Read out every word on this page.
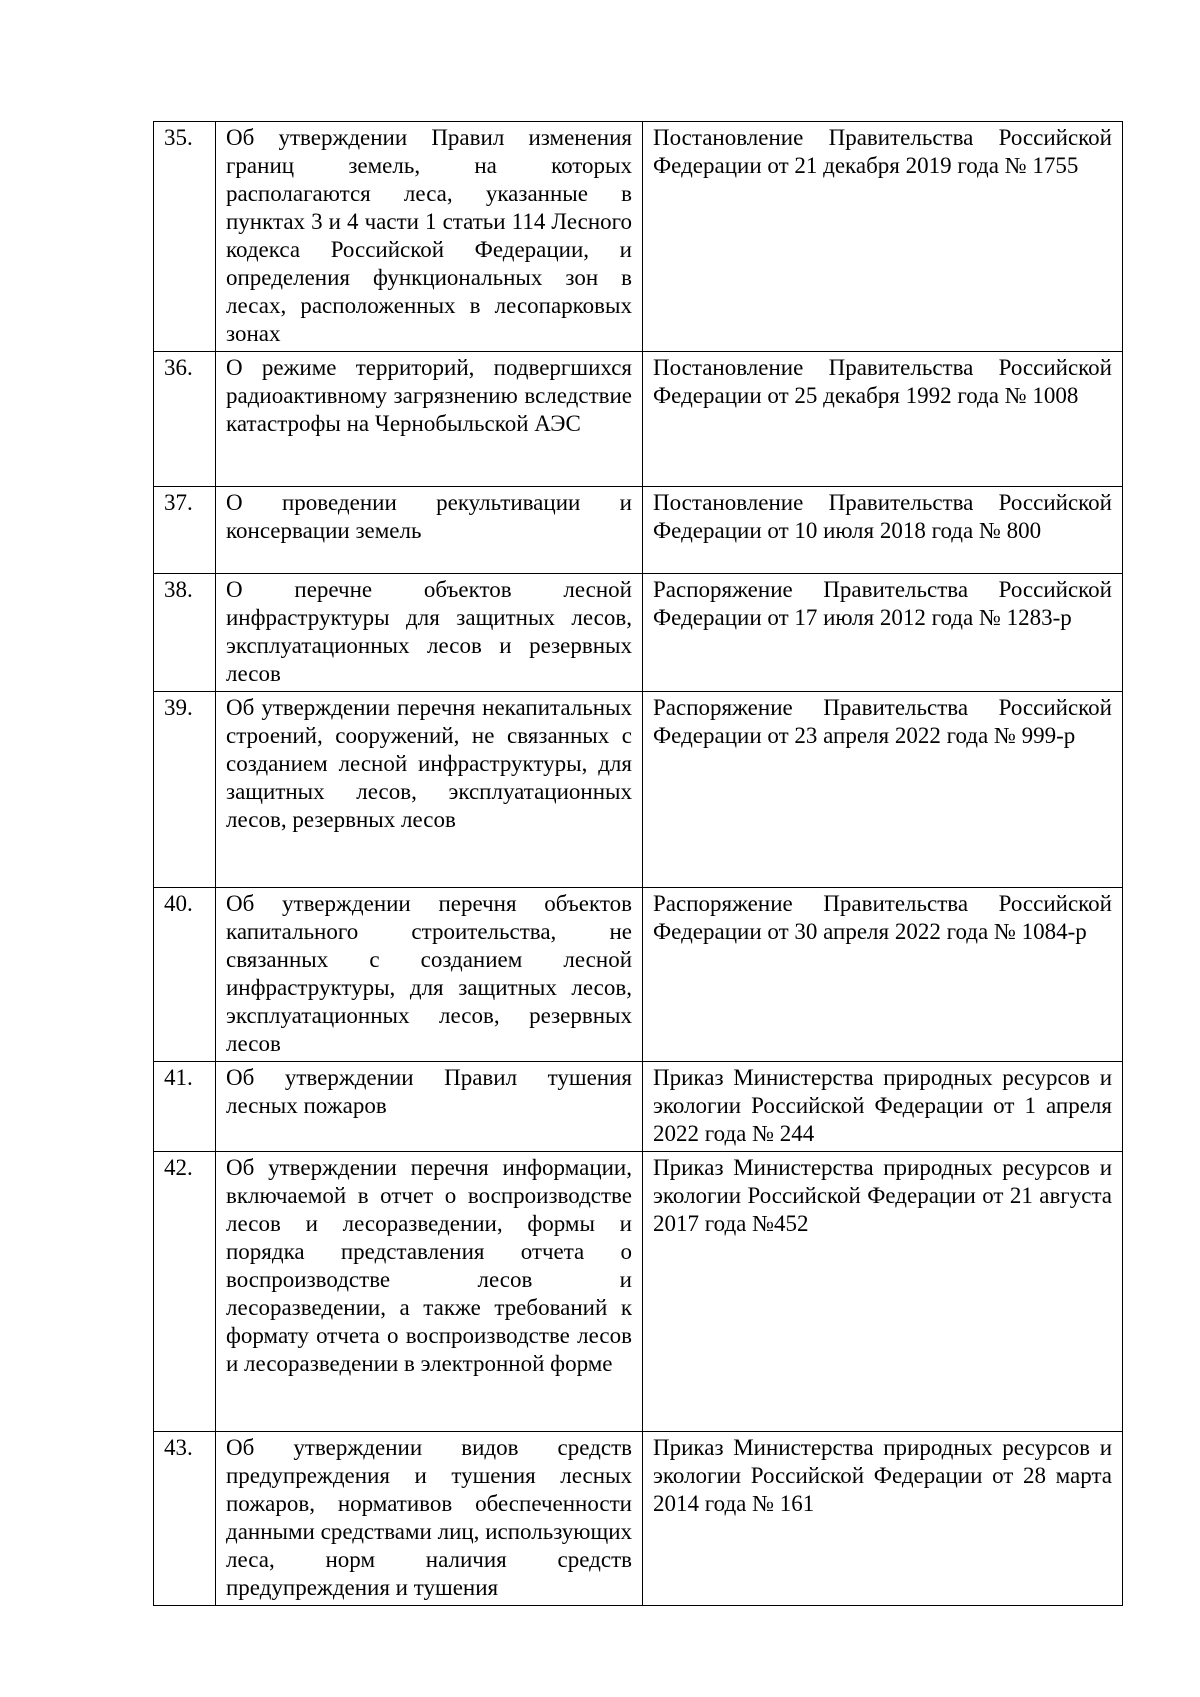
35.	Об утверждении Правил изменения границ земель, на которых располагаются леса, указанные в пунктах 3 и 4 части 1 статьи 114 Лесного кодекса Российской Федерации, и определения функциональных зон в лесах, расположенных в лесопарковых зонах	Постановление Правительства Российской Федерации от 21 декабря 2019 года № 1755
36.	О режиме территорий, подвергшихся радиоактивному загрязнению вследствие катастрофы на Чернобыльской АЭС	Постановление Правительства Российской Федерации от 25 декабря 1992 года № 1008
37.	О проведении рекультивации и консервации земель	Постановление Правительства Российской Федерации от 10 июля 2018 года № 800
38.	О перечне объектов лесной инфраструктуры для защитных лесов, эксплуатационных лесов и резервных лесов	Распоряжение Правительства Российской Федерации от 17 июля 2012 года № 1283-р
39.	Об утверждении перечня некапитальных строений, сооружений, не связанных с созданием лесной инфраструктуры, для защитных лесов, эксплуатационных лесов, резервных лесов	Распоряжение Правительства Российской Федерации от 23 апреля 2022 года № 999-р
40.	Об утверждении перечня объектов капитального строительства, не связанных с созданием лесной инфраструктуры, для защитных лесов, эксплуатационных лесов, резервных лесов	Распоряжение Правительства Российской Федерации от 30 апреля 2022 года № 1084-р
41.	Об утверждении Правил тушения лесных пожаров	Приказ Министерства природных ресурсов и экологии Российской Федерации от 1 апреля 2022 года № 244
42.	Об утверждении перечня информации, включаемой в отчет о воспроизводстве лесов и лесоразведении, формы и порядка представления отчета о воспроизводстве лесов и лесоразведении, а также требований к формату отчета о воспроизводстве лесов и лесоразведении в электронной форме	Приказ Министерства природных ресурсов и экологии Российской Федерации от 21 августа 2017 года №452
43.	Об утверждении видов средств предупреждения и тушения лесных пожаров, нормативов обеспеченности данными средствами лиц, использующих леса, норм наличия средств предупреждения и тушения	Приказ Министерства природных ресурсов и экологии Российской Федерации от 28 марта 2014 года № 161
